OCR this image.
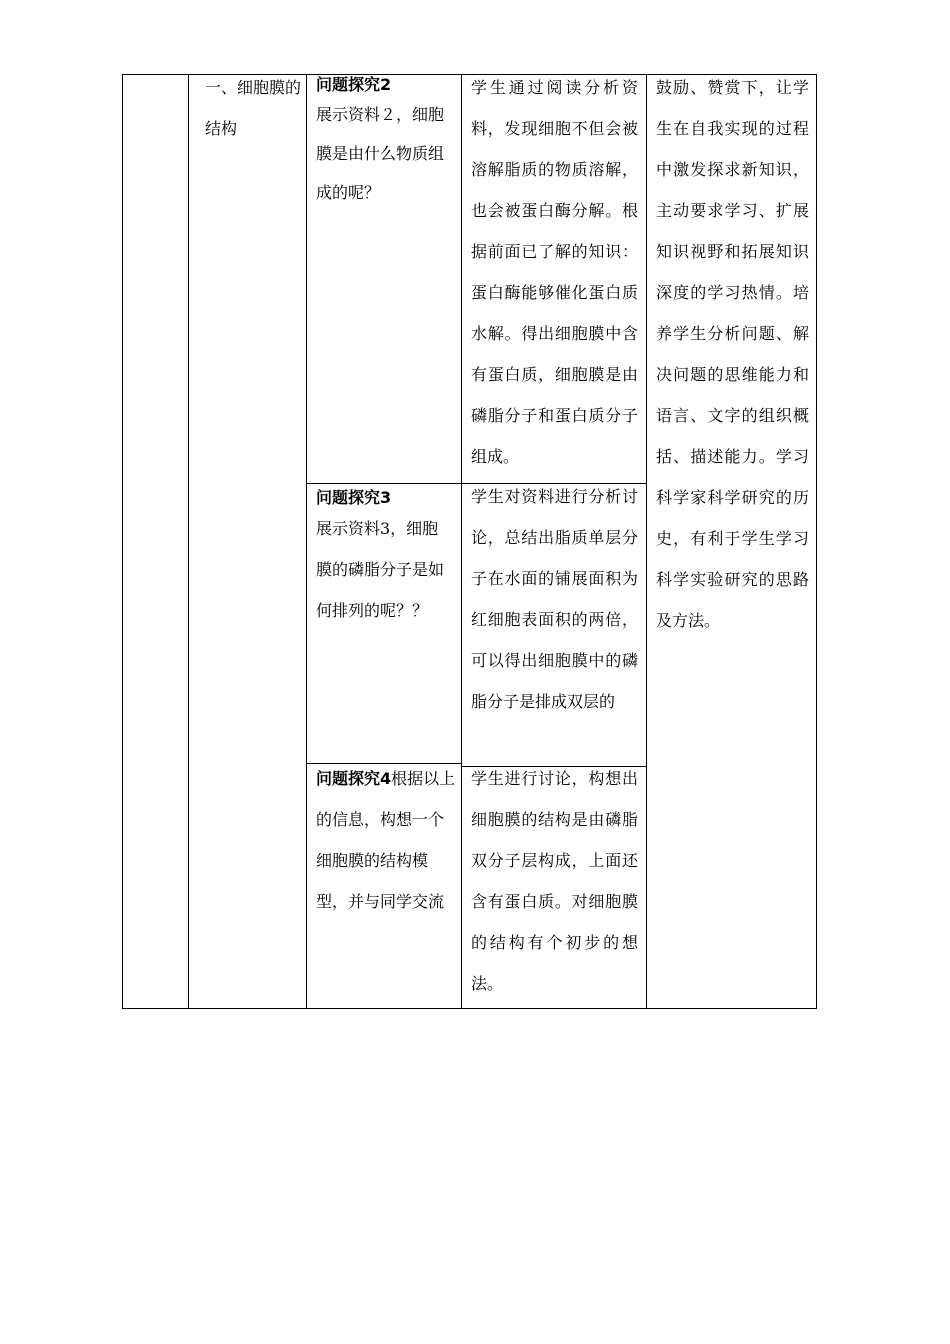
一、细胞膜的结构

问题探究2

展示资料２，细胞膜是由什么物质组成的呢？

学生通过阅读分析资料，发现细胞不但会被溶解脂质的物质溶解，也会被蛋白酶分解。根据前面已了解的知识：蛋白酶能够催化蛋白质水解。得出细胞膜中含有蛋白质，细胞膜是由磷脂分子和蛋白质分子组成。

问题探究3

展示资料3，细胞膜的磷脂分子是如何排列的呢？？

学生对资料进行分析讨论，总结出脂质单层分子在水面的铺展面积为红细胞表面积的两倍，可以得出细胞膜中的磷脂分子是排成双层的

问题探究4根据以上的信息，构想一个细胞膜的结构模型，并与同学交流

学生进行讨论，构想出细胞膜的结构是由磷脂双分子层构成，上面还含有蛋白质。对细胞膜的结构有个初步的想法。

鼓励、赞赏下，让学生在自我实现的过程中激发探求新知识，主动要求学习、扩展知识视野和拓展知识深度的学习热情。培养学生分析问题、解决问题的思维能力和语言、文字的组织概括、描述能力。学习科学家科学研究的历史，有利于学生学习科学实验研究的思路及方法。
